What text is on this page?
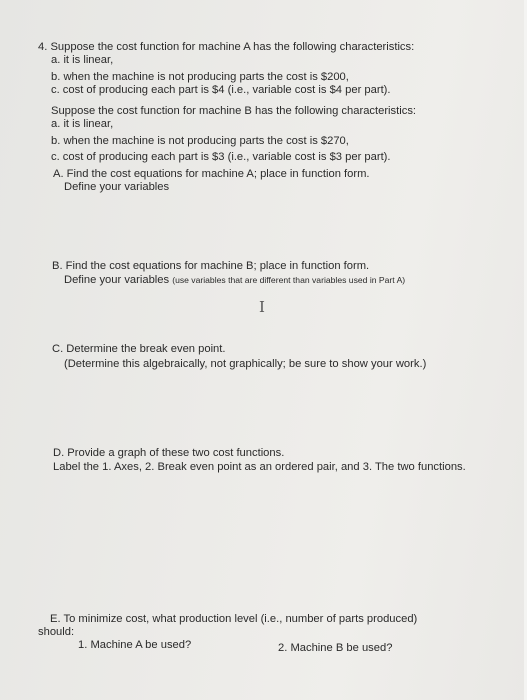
4. Suppose the cost function for machine A has the following characteristics:
a. it is linear,
b. when the machine is not producing parts the cost is $200,
c. cost of producing each part is $4 (i.e., variable cost is $4 per part).
Suppose the cost function for machine B has the following characteristics:
a. it is linear,
b. when the machine is not producing parts the cost is $270,
c. cost of producing each part is $3 (i.e., variable cost is $3 per part).
A. Find the cost equations for machine A; place in function form.
Define your variables
B. Find the cost equations for machine B; place in function form.
Define your variables (use variables that are different than variables used in Part A)
I
C. Determine the break even point.
(Determine this algebraically, not graphically; be sure to show your work.)
D. Provide a graph of these two cost functions.
Label the 1. Axes, 2. Break even point as an ordered pair, and 3. The two functions.
E. To minimize cost, what production level (i.e., number of parts produced)
should:
1. Machine A be used?	2. Machine B be used?
